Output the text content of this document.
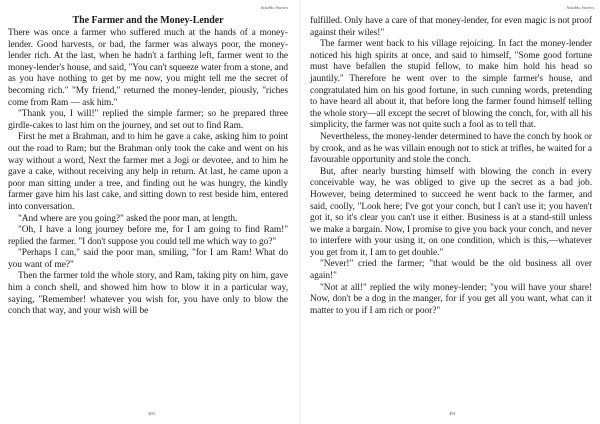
Arsablo Stories
The Farmer and the Money-Lender

There was once a farmer who suffered much at the hands of a money- lender. Good harvests, or bad, the farmer was always poor, the money- lender rich. At the last, when he hadn't a farthing left, farmer went to the money-lender's house, and said, "You can't squeeze water from a stone, and as you have nothing to get by me now, you might tell me the secret of becoming rich." "My friend," returned the money-lender, piously, "riches come from Ram — ask him."

"Thank you, I will!" replied the simple farmer; so he prepared three girdle-cakes to last him on the journey, and set out to find Ram.

First he met a Brahman, and to him he gave a cake, asking him to point out the road to Ram; but the Brahman only took the cake and went on his way without a word, Next the farmer met a Jogi or devotee, and to him he gave a cake, without receiving any help in return. At last, he came upon a poor man sitting under a tree, and finding out he was hungry, the kindly farmer gave him his last cake, and sitting down to rest beside him, entered into conversation.

"And where are you going?" asked the poor man, at length.

"Oh, I have a long journey before me, for I am going to find Ram!" replied the farmer. "I don't suppose you could tell me which way to go?"

"Perhaps I can," said the poor man, smiling, "for I am Ram! What do you want of me?"

Then the farmer told the whole story, and Ram, taking pity on him, gave him a conch shell, and showed him how to blow it in a particular way, saying, "Remember! whatever you wish for, you have only to blow the conch that way, and your wish will be

490
Arsablo Stories

fulfilled. Only have a care of that money-lender, for even magic is not proof against their wiles!"

The farmer went back to his village rejoicing. In fact the money-lender noticed his high spirits at once, and said to himself, "Some good fortune must have befallen the stupid fellow, to make him hold his head so jauntily." Therefore he went over to the simple farmer's house, and congratulated him on his good fortune, in such cunning words, pretending to have heard all about it, that before long the farmer found himself telling the whole story—all except the secret of blowing the conch, for, with all his simplicity, the farmer was not quite such a fool as to tell that.

Nevertheless, the money-lender determined to have the conch by hook or by crook, and as he was villain enough not to stick at trifles, he waited for a favourable opportunity and stole the conch.

But, after nearly bursting himself with blowing the conch in every conceivable way, he was obliged to give up the secret as a bad job. However, being determined to succeed he went back to the farmer, and said, coolly, "Look here; I've got your conch, but I can't use it; you haven't got it, so it's clear you can't use it either. Business is at a stand-still unless we make a bargain. Now, I promise to give you back your conch, and never to interfere with your using it, on one condition, which is this,—whatever you get from it, I am to get double."

"Never!" cried the farmer; "that would be the old business all over again!"

"Not at all!" replied the wily money-lender; "you will have your share! Now, don't be a dog in the manger, for if you get all you want, what can it matter to you if I am rich or poor?"

491
